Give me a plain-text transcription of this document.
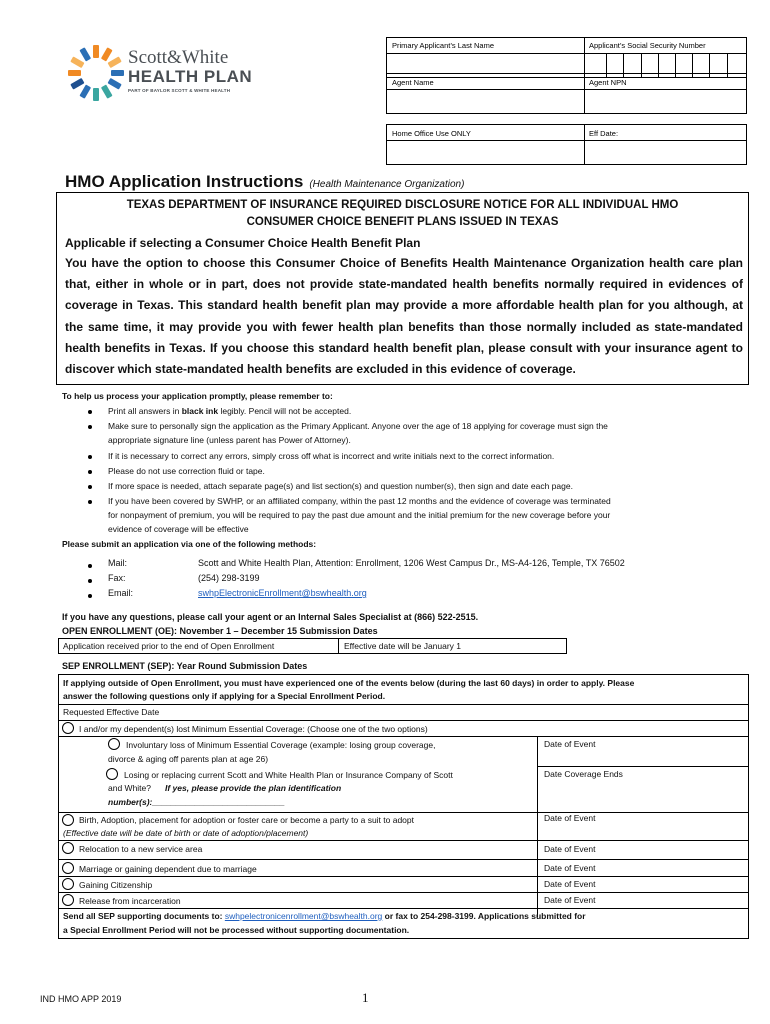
Scott&White
HEALTH PLAN
PART OF BAYLOR SCOTT & WHITE HEALTH
Primary Applicant’s Last Name	Applicant’s Social Security Number
Agent Name	Agent NPN
Home Office Use ONLY	Eff Date:
HMO Application Instructions (Health Maintenance Organization)
TEXAS DEPARTMENT OF INSURANCE REQUIRED DISCLOSURE NOTICE FOR ALL INDIVIDUAL HMO
CONSUMER CHOICE BENEFIT PLANS ISSUED IN TEXAS
Applicable if selecting a Consumer Choice Health Benefit Plan
You have the option to choose this Consumer Choice of Benefits Health Maintenance Organization health care plan that, either in whole or in part, does not provide state-mandated health benefits normally required in evidences of coverage in Texas. This standard health benefit plan may provide a more affordable health plan for you although, at the same time, it may provide you with fewer health plan benefits than those normally included as state-mandated health benefits in Texas. If you choose this standard health benefit plan, please consult with your insurance agent to discover which state-mandated health benefits are excluded in this evidence of coverage.
To help us process your application promptly, please remember to:
Print all answers in black ink legibly. Pencil will not be accepted.
Make sure to personally sign the application as the Primary Applicant. Anyone over the age of 18 applying for coverage must sign the
appropriate signature line (unless parent has Power of Attorney).
If it is necessary to correct any errors, simply cross off what is incorrect and write initials next to the correct information.
Please do not use correction fluid or tape.
If more space is needed, attach separate page(s) and list section(s) and question number(s), then sign and date each page.
If you have been covered by SWHP, or an affiliated company, within the past 12 months and the evidence of coverage was terminated
for nonpayment of premium, you will be required to pay the past due amount and the initial premium for the new coverage before your
evidence of coverage will be effective
Please submit an application via one of the following methods:
Mail:	Scott and White Health Plan, Attention: Enrollment, 1206 West Campus Dr., MS-A4-126, Temple, TX 76502
Fax:	(254) 298-3199
Email:	swhpElectronicEnrollment@bswhealth.org
If you have any questions, please call your agent or an Internal Sales Specialist at (866) 522-2515.
OPEN ENROLLMENT (OE): November 1 – December 15 Submission Dates
Application received prior to the end of Open Enrollment	Effective date will be January 1
SEP ENROLLMENT (SEP): Year Round Submission Dates
If applying outside of Open Enrollment, you must have experienced one of the events below (during the last 60 days) in order to apply. Please
answer the following questions only if applying for a Special Enrollment Period.
Requested Effective Date
I and/or my dependent(s) lost Minimum Essential Coverage: (Choose one of the two options)
Involuntary loss of Minimum Essential Coverage (example: losing group coverage,
divorce & aging off parents plan at age 26)
Date of Event
Losing or replacing current Scott and White Health Plan or Insurance Company of Scott
and White? If yes, please provide the plan identification
number(s):____________________________
Date Coverage Ends
Birth, Adoption, placement for adoption or foster care or become a party to a suit to adopt
(Effective date will be date of birth or date of adoption/placement)
Date of Event
Relocation to a new service area	Date of Event
Marriage or gaining dependent due to marriage	Date of Event
Gaining Citizenship	Date of Event
Release from incarceration	Date of Event
Send all SEP supporting documents to: swhpelectronicenrollment@bswhealth.org or fax to 254-298-3199. Applications submitted for
a Special Enrollment Period will not be processed without supporting documentation.
IND HMO APP 2019	1
